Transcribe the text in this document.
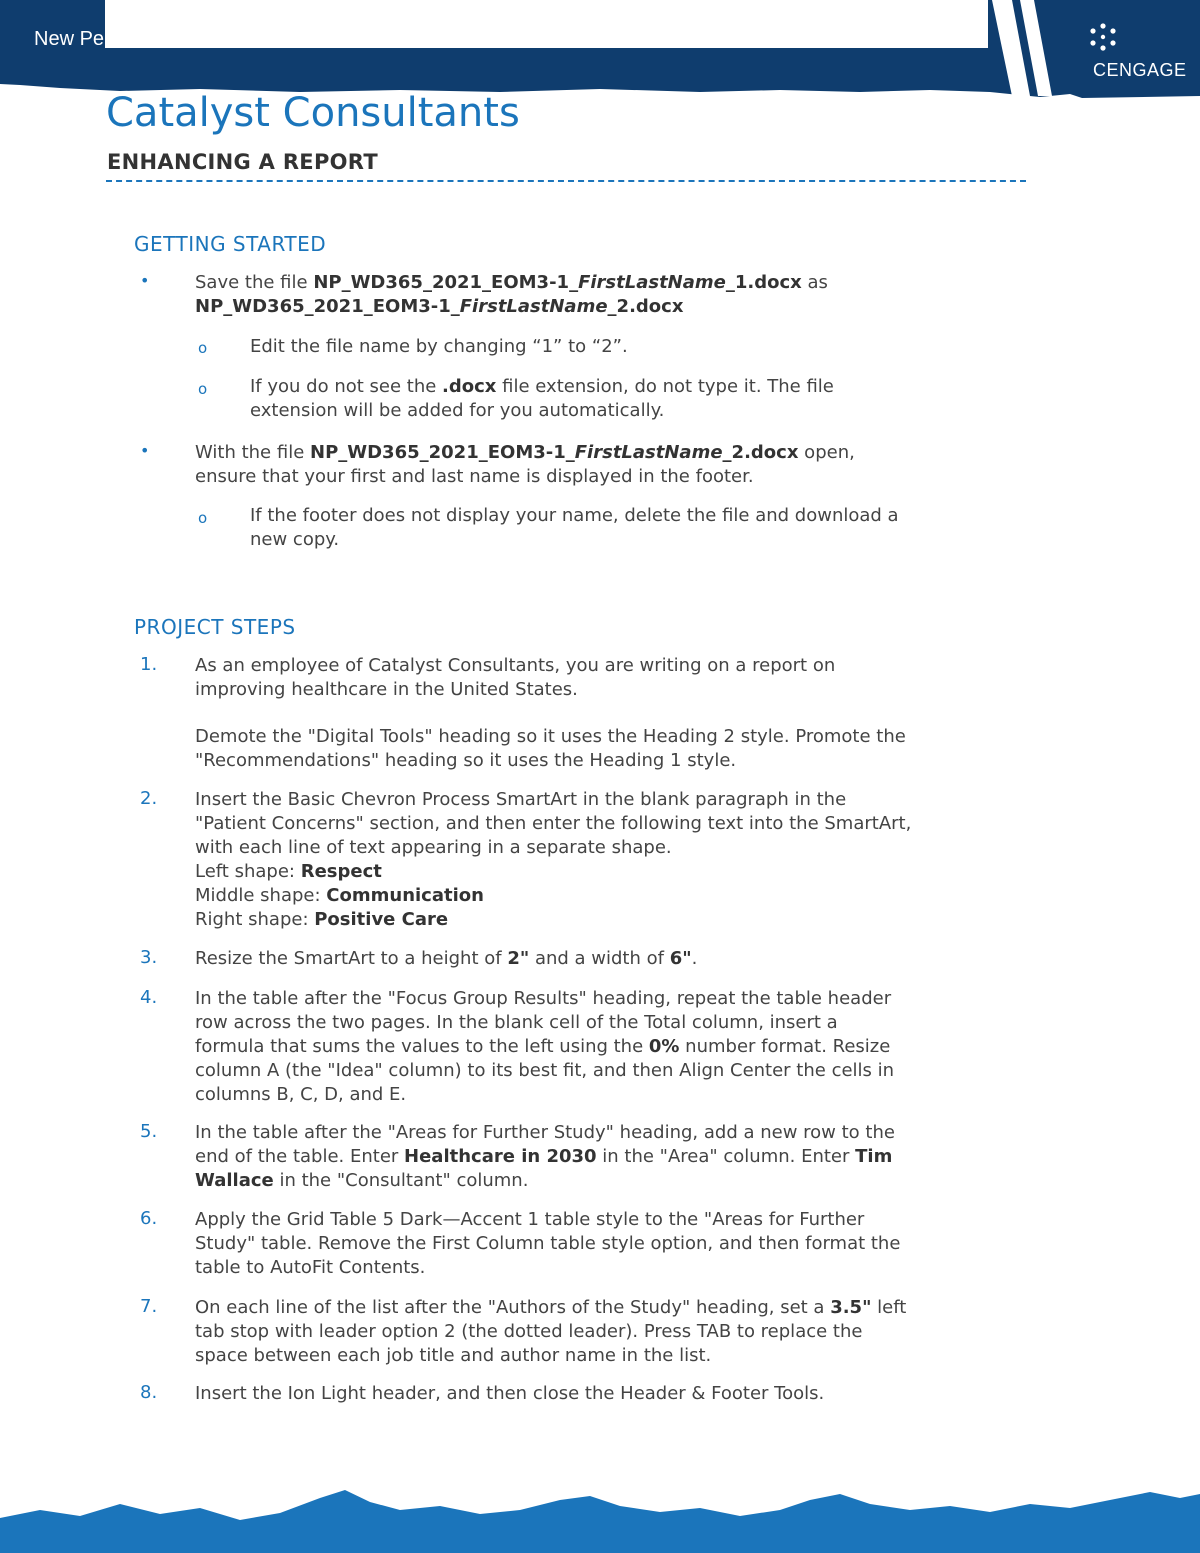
New Pe
CENGAGE
Catalyst Consultants
ENHANCING A REPORT
GETTING STARTED
•	Save the file NP_WD365_2021_EOM3-1_FirstLastName_1.docx as
NP_WD365_2021_EOM3-1_FirstLastName_2.docx

o Edit the file name by changing “1” to “2”.

o If you do not see the .docx file extension, do not type it. The file
extension will be added for you automatically.

•	With the file NP_WD365_2021_EOM3-1_FirstLastName_2.docx open,
ensure that your first and last name is displayed in the footer.

o If the footer does not display your name, delete the file and download a
new copy.

PROJECT STEPS
1. As an employee of Catalyst Consultants, you are writing on a report on
improving healthcare in the United States.

Demote the "Digital Tools" heading so it uses the Heading 2 style. Promote the
"Recommendations" heading so it uses the Heading 1 style.

2. Insert the Basic Chevron Process SmartArt in the blank paragraph in the
"Patient Concerns" section, and then enter the following text into the SmartArt,
with each line of text appearing in a separate shape.
Left shape: Respect
Middle shape: Communication
Right shape: Positive Care

3. Resize the SmartArt to a height of 2" and a width of 6".

4. In the table after the "Focus Group Results" heading, repeat the table header
row across the two pages. In the blank cell of the Total column, insert a
formula that sums the values to the left using the 0% number format. Resize
column A (the "Idea" column) to its best fit, and then Align Center the cells in
columns B, C, D, and E.

5. In the table after the "Areas for Further Study" heading, add a new row to the
end of the table. Enter Healthcare in 2030 in the "Area" column. Enter Tim
Wallace in the "Consultant" column.

6. Apply the Grid Table 5 Dark—Accent 1 table style to the "Areas for Further
Study" table. Remove the First Column table style option, and then format the
table to AutoFit Contents.

7. On each line of the list after the "Authors of the Study" heading, set a 3.5" left
tab stop with leader option 2 (the dotted leader). Press TAB to replace the
space between each job title and author name in the list.

8. Insert the Ion Light header, and then close the Header & Footer Tools.
